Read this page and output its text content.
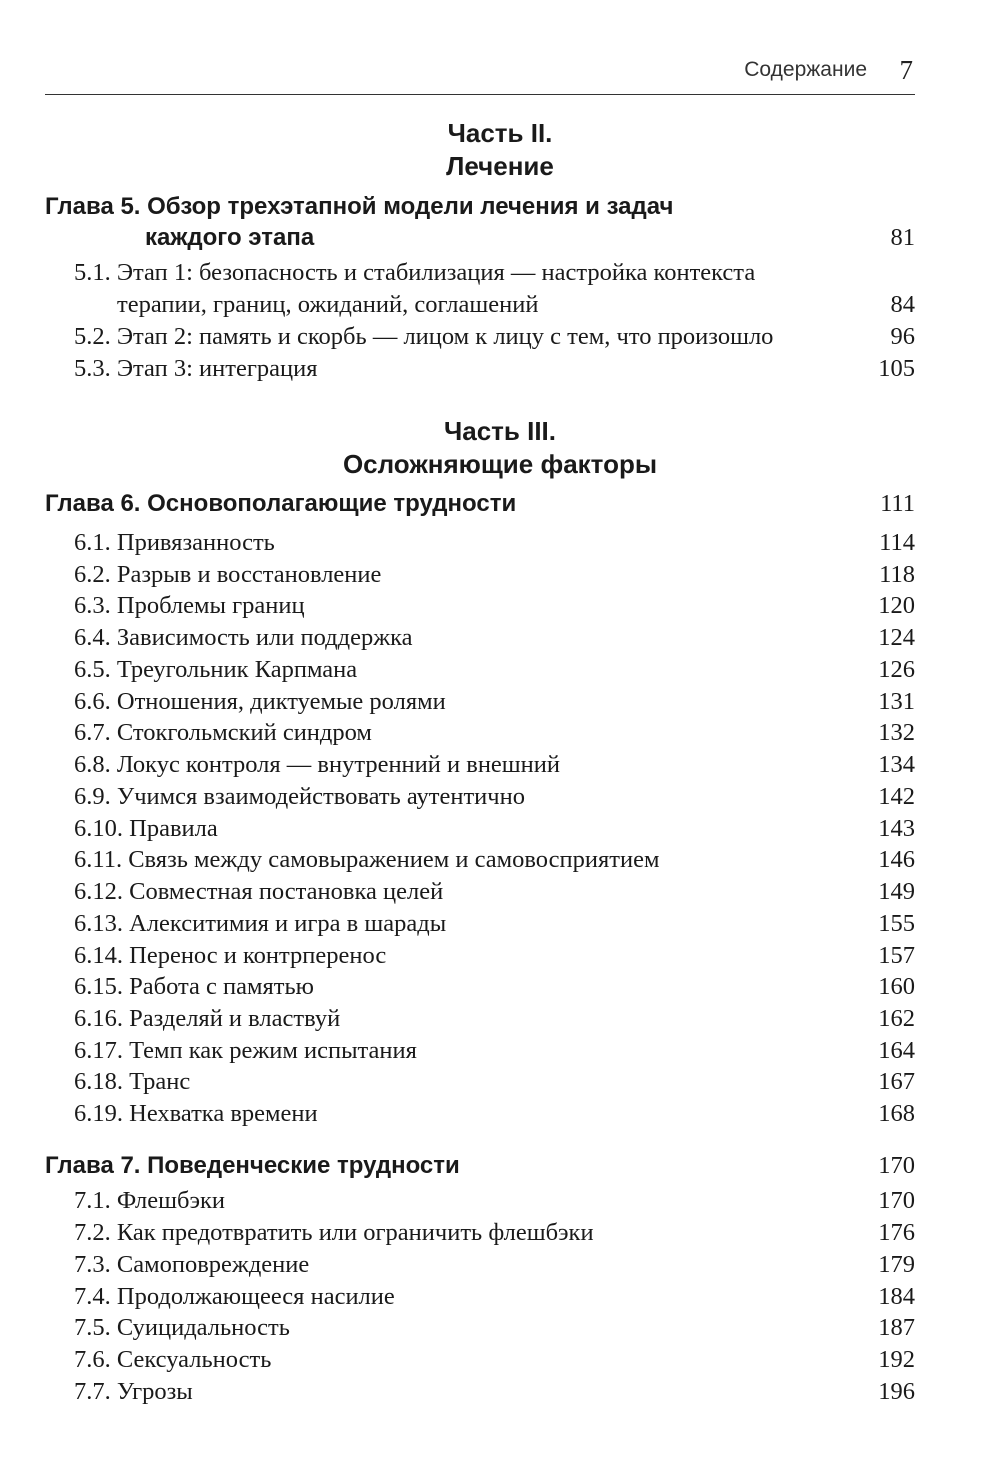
Содержание 7
Часть II.
Лечение
Глава 5. Обзор трехэтапной модели лечения и задач
каждого этапа	81
5.1. Этап 1: безопасность и стабилизация — настройка контекста
терапии, границ, ожиданий, соглашений	84
5.2. Этап 2: память и скорбь — лицом к лицу с тем, что произошло	96
5.3. Этап 3: интеграция	105
Часть III.
Осложняющие факторы
Глава 6. Основополагающие трудности	111
6.1. Привязанность	114
6.2. Разрыв и восстановление	118
6.3. Проблемы границ	120
6.4. Зависимость или поддержка	124
6.5. Треугольник Карпмана	126
6.6. Отношения, диктуемые ролями	131
6.7. Стокгольмский синдром	132
6.8. Локус контроля — внутренний и внешний	134
6.9. Учимся взаимодействовать аутентично	142
6.10. Правила	143
6.11. Связь между самовыражением и самовосприятием	146
6.12. Совместная постановка целей	149
6.13. Алекситимия и игра в шарады	155
6.14. Перенос и контрперенос	157
6.15. Работа с памятью	160
6.16. Разделяй и властвуй	162
6.17. Темп как режим испытания	164
6.18. Транс	167
6.19. Нехватка времени	168
Глава 7. Поведенческие трудности	170
7.1. Флешбэки	170
7.2. Как предотвратить или ограничить флешбэки	176
7.3. Самоповреждение	179
7.4. Продолжающееся насилие	184
7.5. Суицидальность	187
7.6. Сексуальность	192
7.7. Угрозы	196
